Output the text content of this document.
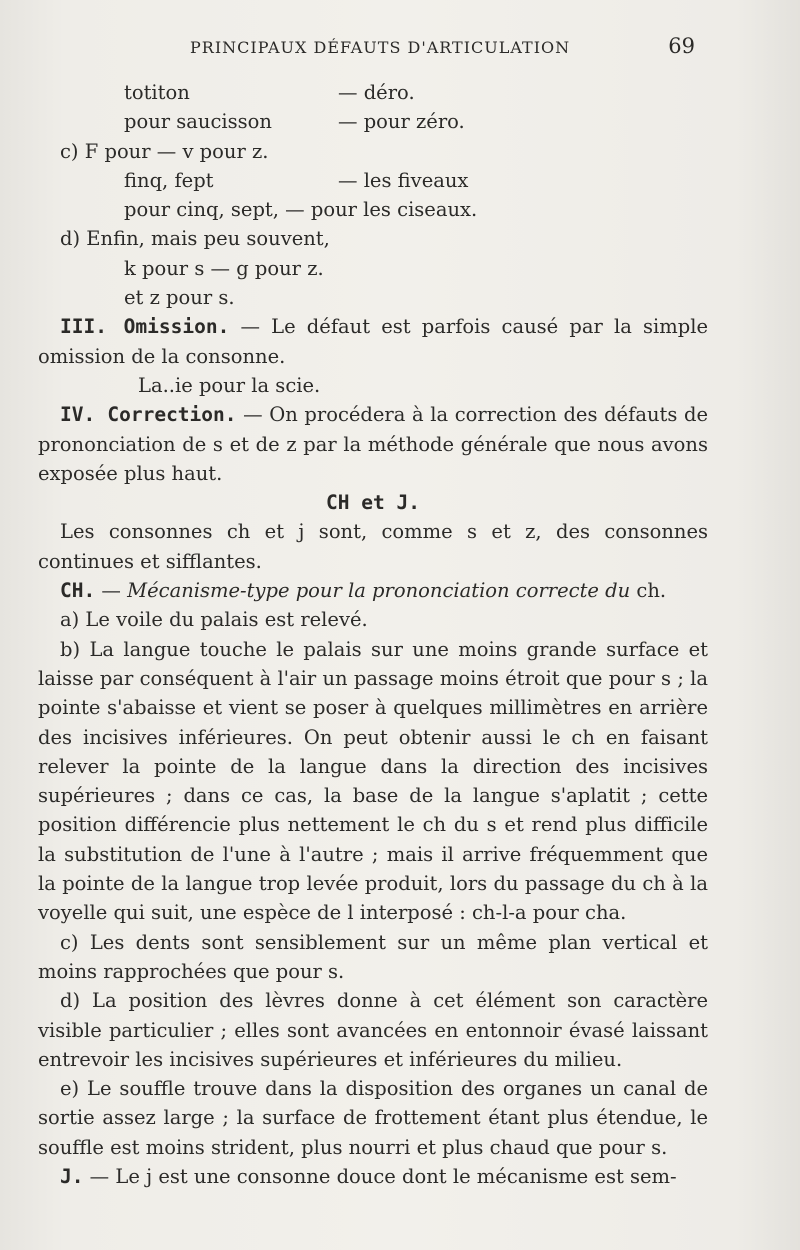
PRINCIPAUX DÉFAUTS D'ARTICULATION	69
totiton	— déro.
pour saucisson	— pour zéro.

c) F pour — v pour z.

finq, fept	— les fiveaux

pour cinq, sept, — pour les ciseaux.

d) Enfin, mais peu souvent,

k pour s — g pour z.

et z pour s.

III. Omission. — Le défaut est parfois causé par la simple omission de la consonne.

La..ie pour la scie.

IV. Correction. — On procédera à la correction des défauts de prononciation de s et de z par la méthode générale que nous avons exposée plus haut.

CH et J.

Les consonnes ch et j sont, comme s et z, des consonnes continues et sifflantes.

CH. — Mécanisme-type pour la prononciation correcte du ch.

a) Le voile du palais est relevé.

b) La langue touche le palais sur une moins grande surface et laisse par conséquent à l'air un passage moins étroit que pour s ; la pointe s'abaisse et vient se poser à quelques millimètres en arrière des incisives inférieures. On peut obtenir aussi le ch en faisant relever la pointe de la langue dans la direction des incisives supérieures ; dans ce cas, la base de la langue s'aplatit ; cette position différencie plus nettement le ch du s et rend plus difficile la substitution de l'une à l'autre ; mais il arrive fréquemment que la pointe de la langue trop levée produit, lors du passage du ch à la voyelle qui suit, une espèce de l interposé : ch-l-a pour cha.

c) Les dents sont sensiblement sur un même plan vertical et moins rapprochées que pour s.

d) La position des lèvres donne à cet élément son caractère visible particulier ; elles sont avancées en entonnoir évasé laissant entrevoir les incisives supérieures et inférieures du milieu.

e) Le souffle trouve dans la disposition des organes un canal de sortie assez large ; la surface de frottement étant plus étendue, le souffle est moins strident, plus nourri et plus chaud que pour s.

J. — Le j est une consonne douce dont le mécanisme est sem-
